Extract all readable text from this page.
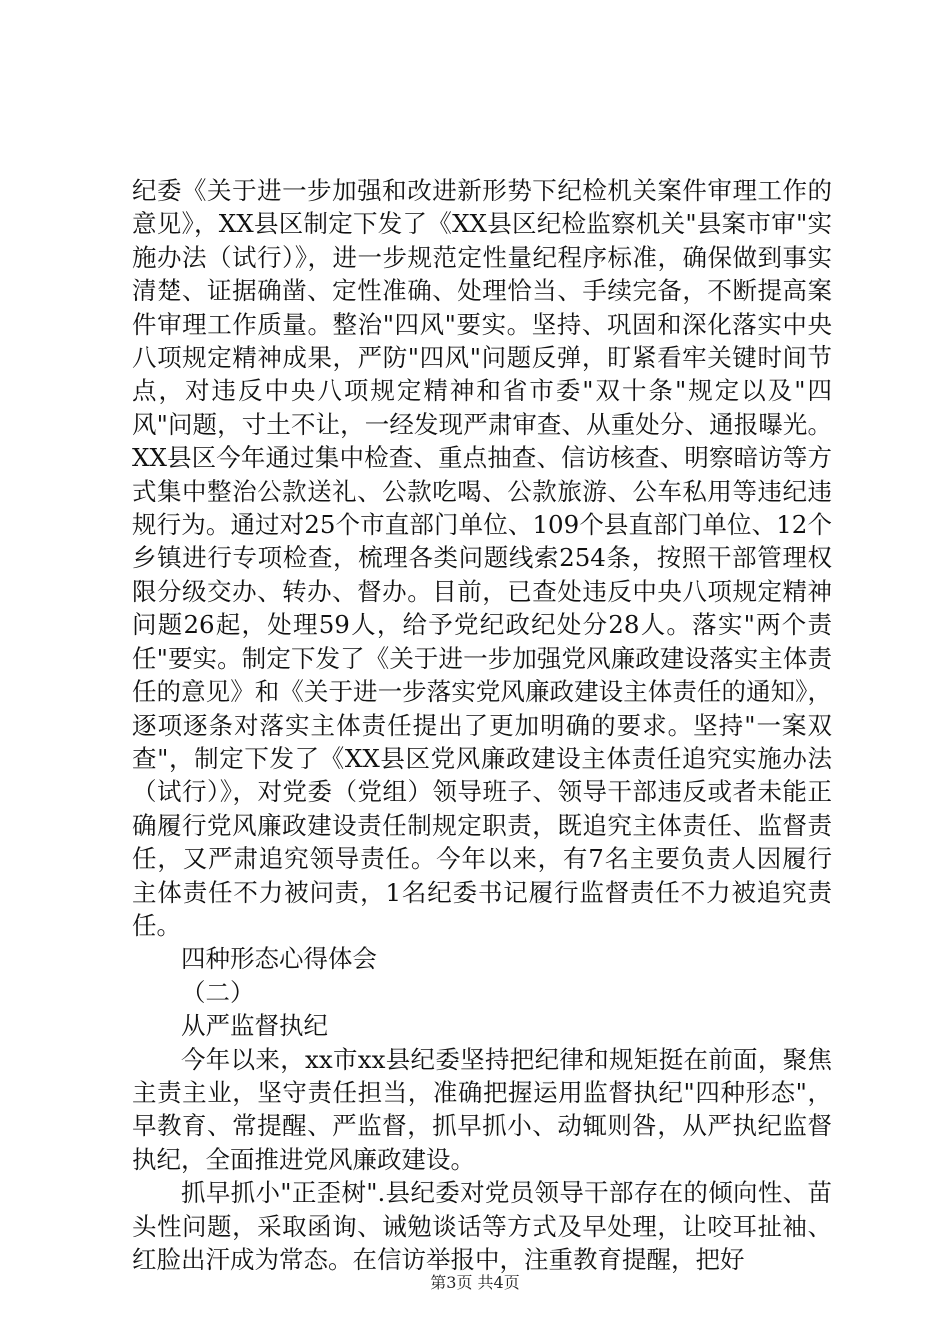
纪委《关于进一步加强和改进新形势下纪检机关案件审理工作的意见》，XX县区制定下发了《XX县区纪检监察机关"县案市审"实施办法（试行）》，进一步规范定性量纪程序标准，确保做到事实清楚、证据确凿、定性准确、处理恰当、手续完备，不断提高案件审理工作质量。整治"四风"要实。坚持、巩固和深化落实中央八项规定精神成果，严防"四风"问题反弹，盯紧看牢关键时间节点，对违反中央八项规定精神和省市委"双十条"规定以及"四风"问题，寸土不让，一经发现严肃审查、从重处分、通报曝光。XX县区今年通过集中检查、重点抽查、信访核查、明察暗访等方式集中整治公款送礼、公款吃喝、公款旅游、公车私用等违纪违规行为。通过对25个市直部门单位、109个县直部门单位、12个乡镇进行专项检查，梳理各类问题线索254条，按照干部管理权限分级交办、转办、督办。目前，已查处违反中央八项规定精神问题26起，处理59人，给予党纪政纪处分28人。落实"两个责任"要实。制定下发了《关于进一步加强党风廉政建设落实主体责任的意见》和《关于进一步落实党风廉政建设主体责任的通知》，逐项逐条对落实主体责任提出了更加明确的要求。坚持"一案双查"，制定下发了《XX县区党风廉政建设主体责任追究实施办法（试行）》，对党委（党组）领导班子、领导干部违反或者未能正确履行党风廉政建设责任制规定职责，既追究主体责任、监督责任，又严肃追究领导责任。今年以来，有7名主要负责人因履行主体责任不力被问责，1名纪委书记履行监督责任不力被追究责任。

四种形态心得体会

（二）

从严监督执纪

今年以来，xx市xx县纪委坚持把纪律和规矩挺在前面，聚焦主责主业，坚守责任担当，准确把握运用监督执纪"四种形态"，早教育、常提醒、严监督，抓早抓小、动辄则咎，从严执纪监督执纪，全面推进党风廉政建设。

抓早抓小"正歪树".县纪委对党员领导干部存在的倾向性、苗头性问题，采取函询、诫勉谈话等方式及早处理，让咬耳扯袖、红脸出汗成为常态。在信访举报中，注重教育提醒，把好

第3页 共4页
